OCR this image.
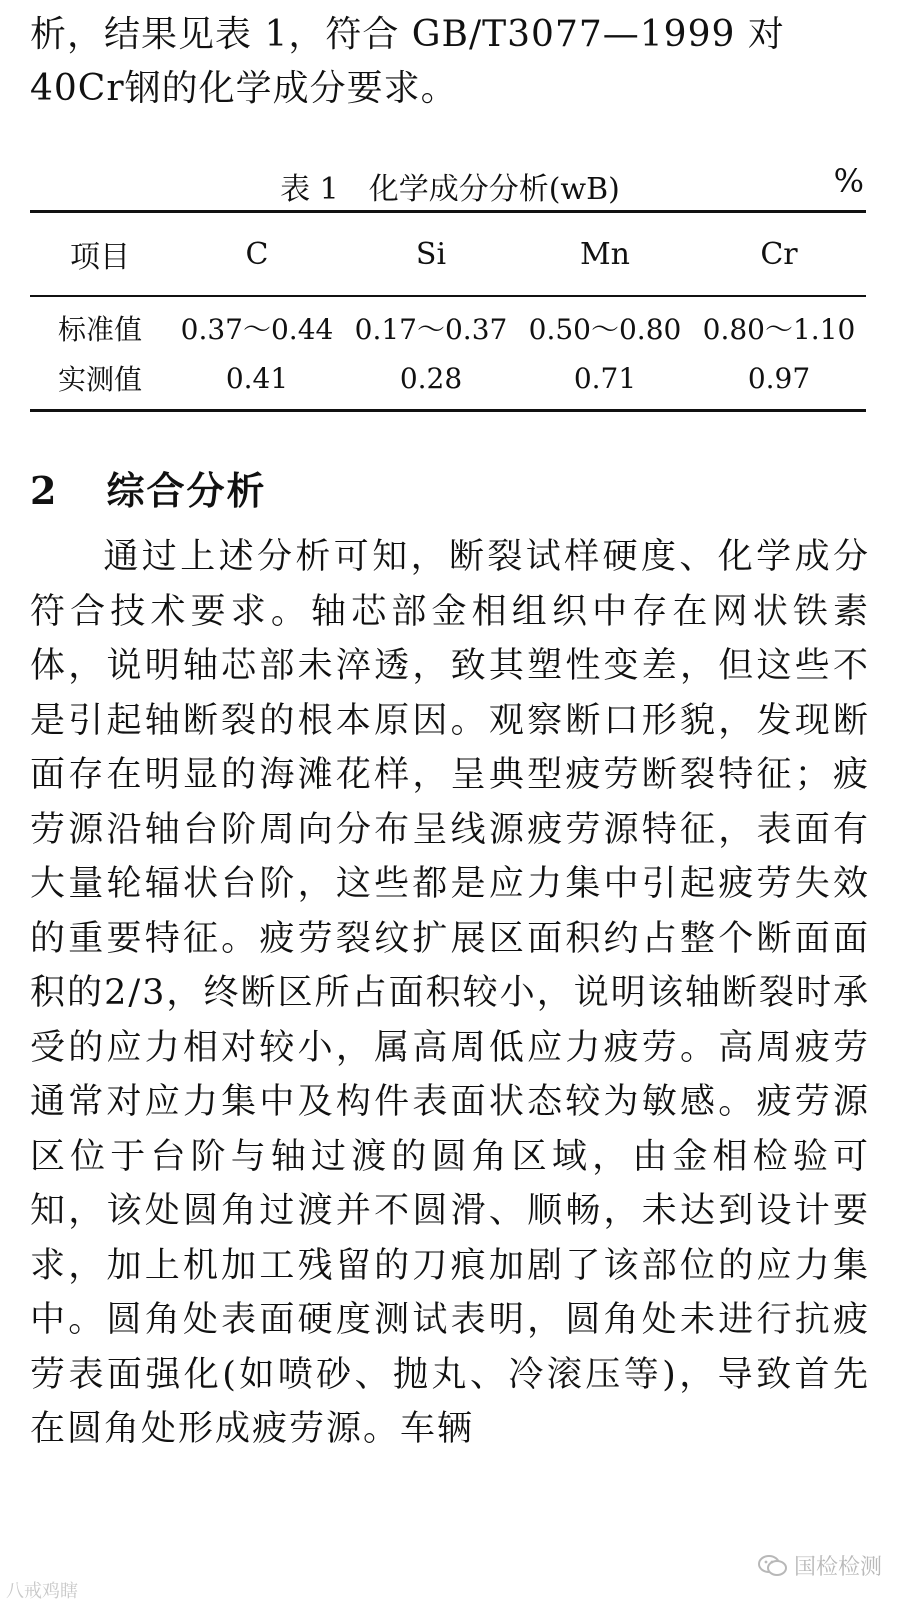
析，结果见表 1，符合 GB/T3077—1999 对40Cr钢的化学成分要求。

表 1　化学成分分析(wB)	%
项目	C	Si	Mn	Cr
标准值	0.37～0.44	0.17～0.37	0.50～0.80	0.80～1.10
实测值	0.41	0.28	0.71	0.97
2 综合分析

通过上述分析可知，断裂试样硬度、化学成分符合技术要求。轴芯部金相组织中存在网状铁素体，说明轴芯部未淬透，致其塑性变差，但这些不是引起轴断裂的根本原因。观察断口形貌，发现断面存在明显的海滩花样，呈典型疲劳断裂特征；疲劳源沿轴台阶周向分布呈线源疲劳源特征，表面有大量轮辐状台阶，这些都是应力集中引起疲劳失效的重要特征。疲劳裂纹扩展区面积约占整个断面面积的2/3，终断区所占面积较小，说明该轴断裂时承受的应力相对较小，属高周低应力疲劳。高周疲劳通常对应力集中及构件表面状态较为敏感。疲劳源区位于台阶与轴过渡的圆角区域，由金相检验可知，该处圆角过渡并不圆滑、顺畅，未达到设计要求，加上机加工残留的刀痕加剧了该部位的应力集中。圆角处表面硬度测试表明，圆角处未进行抗疲劳表面强化(如喷砂、抛丸、冷滚压等)，导致首先在圆角处形成疲劳源。车辆

八戒鸡瞎
国检检测
